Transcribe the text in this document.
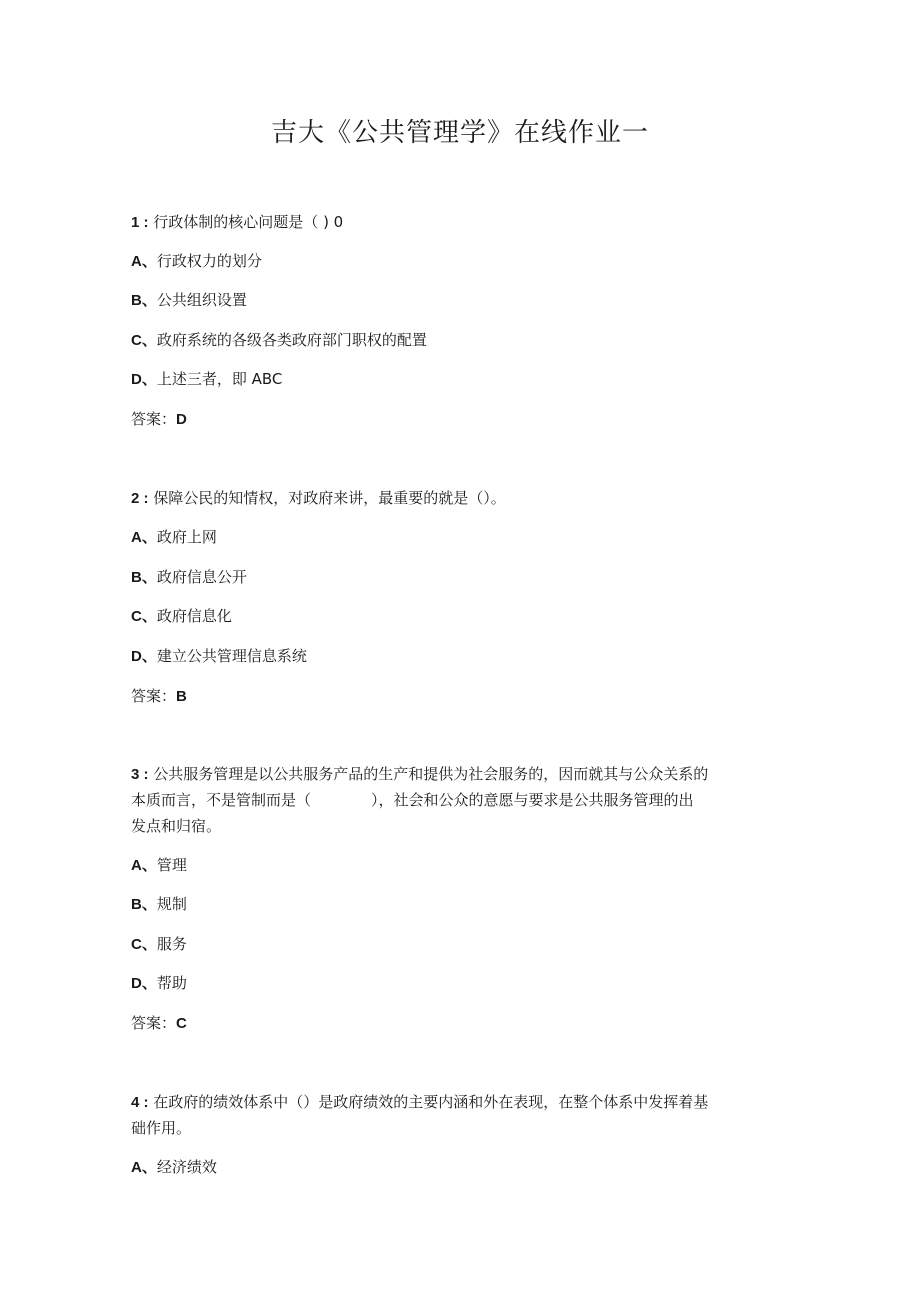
吉大《公共管理学》在线作业一
1 : 行政体制的核心问题是（ ) 0
A、行政权力的划分
B、公共组织设置
C、政府系统的各级各类政府部门职权的配置
D、上述三者，即 ABC
答案：D
2 : 保障公民的知情权，对政府来讲，最重要的就是（）。
A、政府上网
B、政府信息公开
C、政府信息化
D、建立公共管理信息系统
答案：B
3 : 公共服务管理是以公共服务产品的生产和提供为社会服务的，因而就其与公众关系的
本质而言，不是管制而是（　　　　），社会和公众的意愿与要求是公共服务管理的出
发点和归宿。
A、管理
B、规制
C、服务
D、帮助
答案：C
4 : 在政府的绩效体系中（）是政府绩效的主要内涵和外在表现，在整个体系中发挥着基
础作用。
A、经济绩效
